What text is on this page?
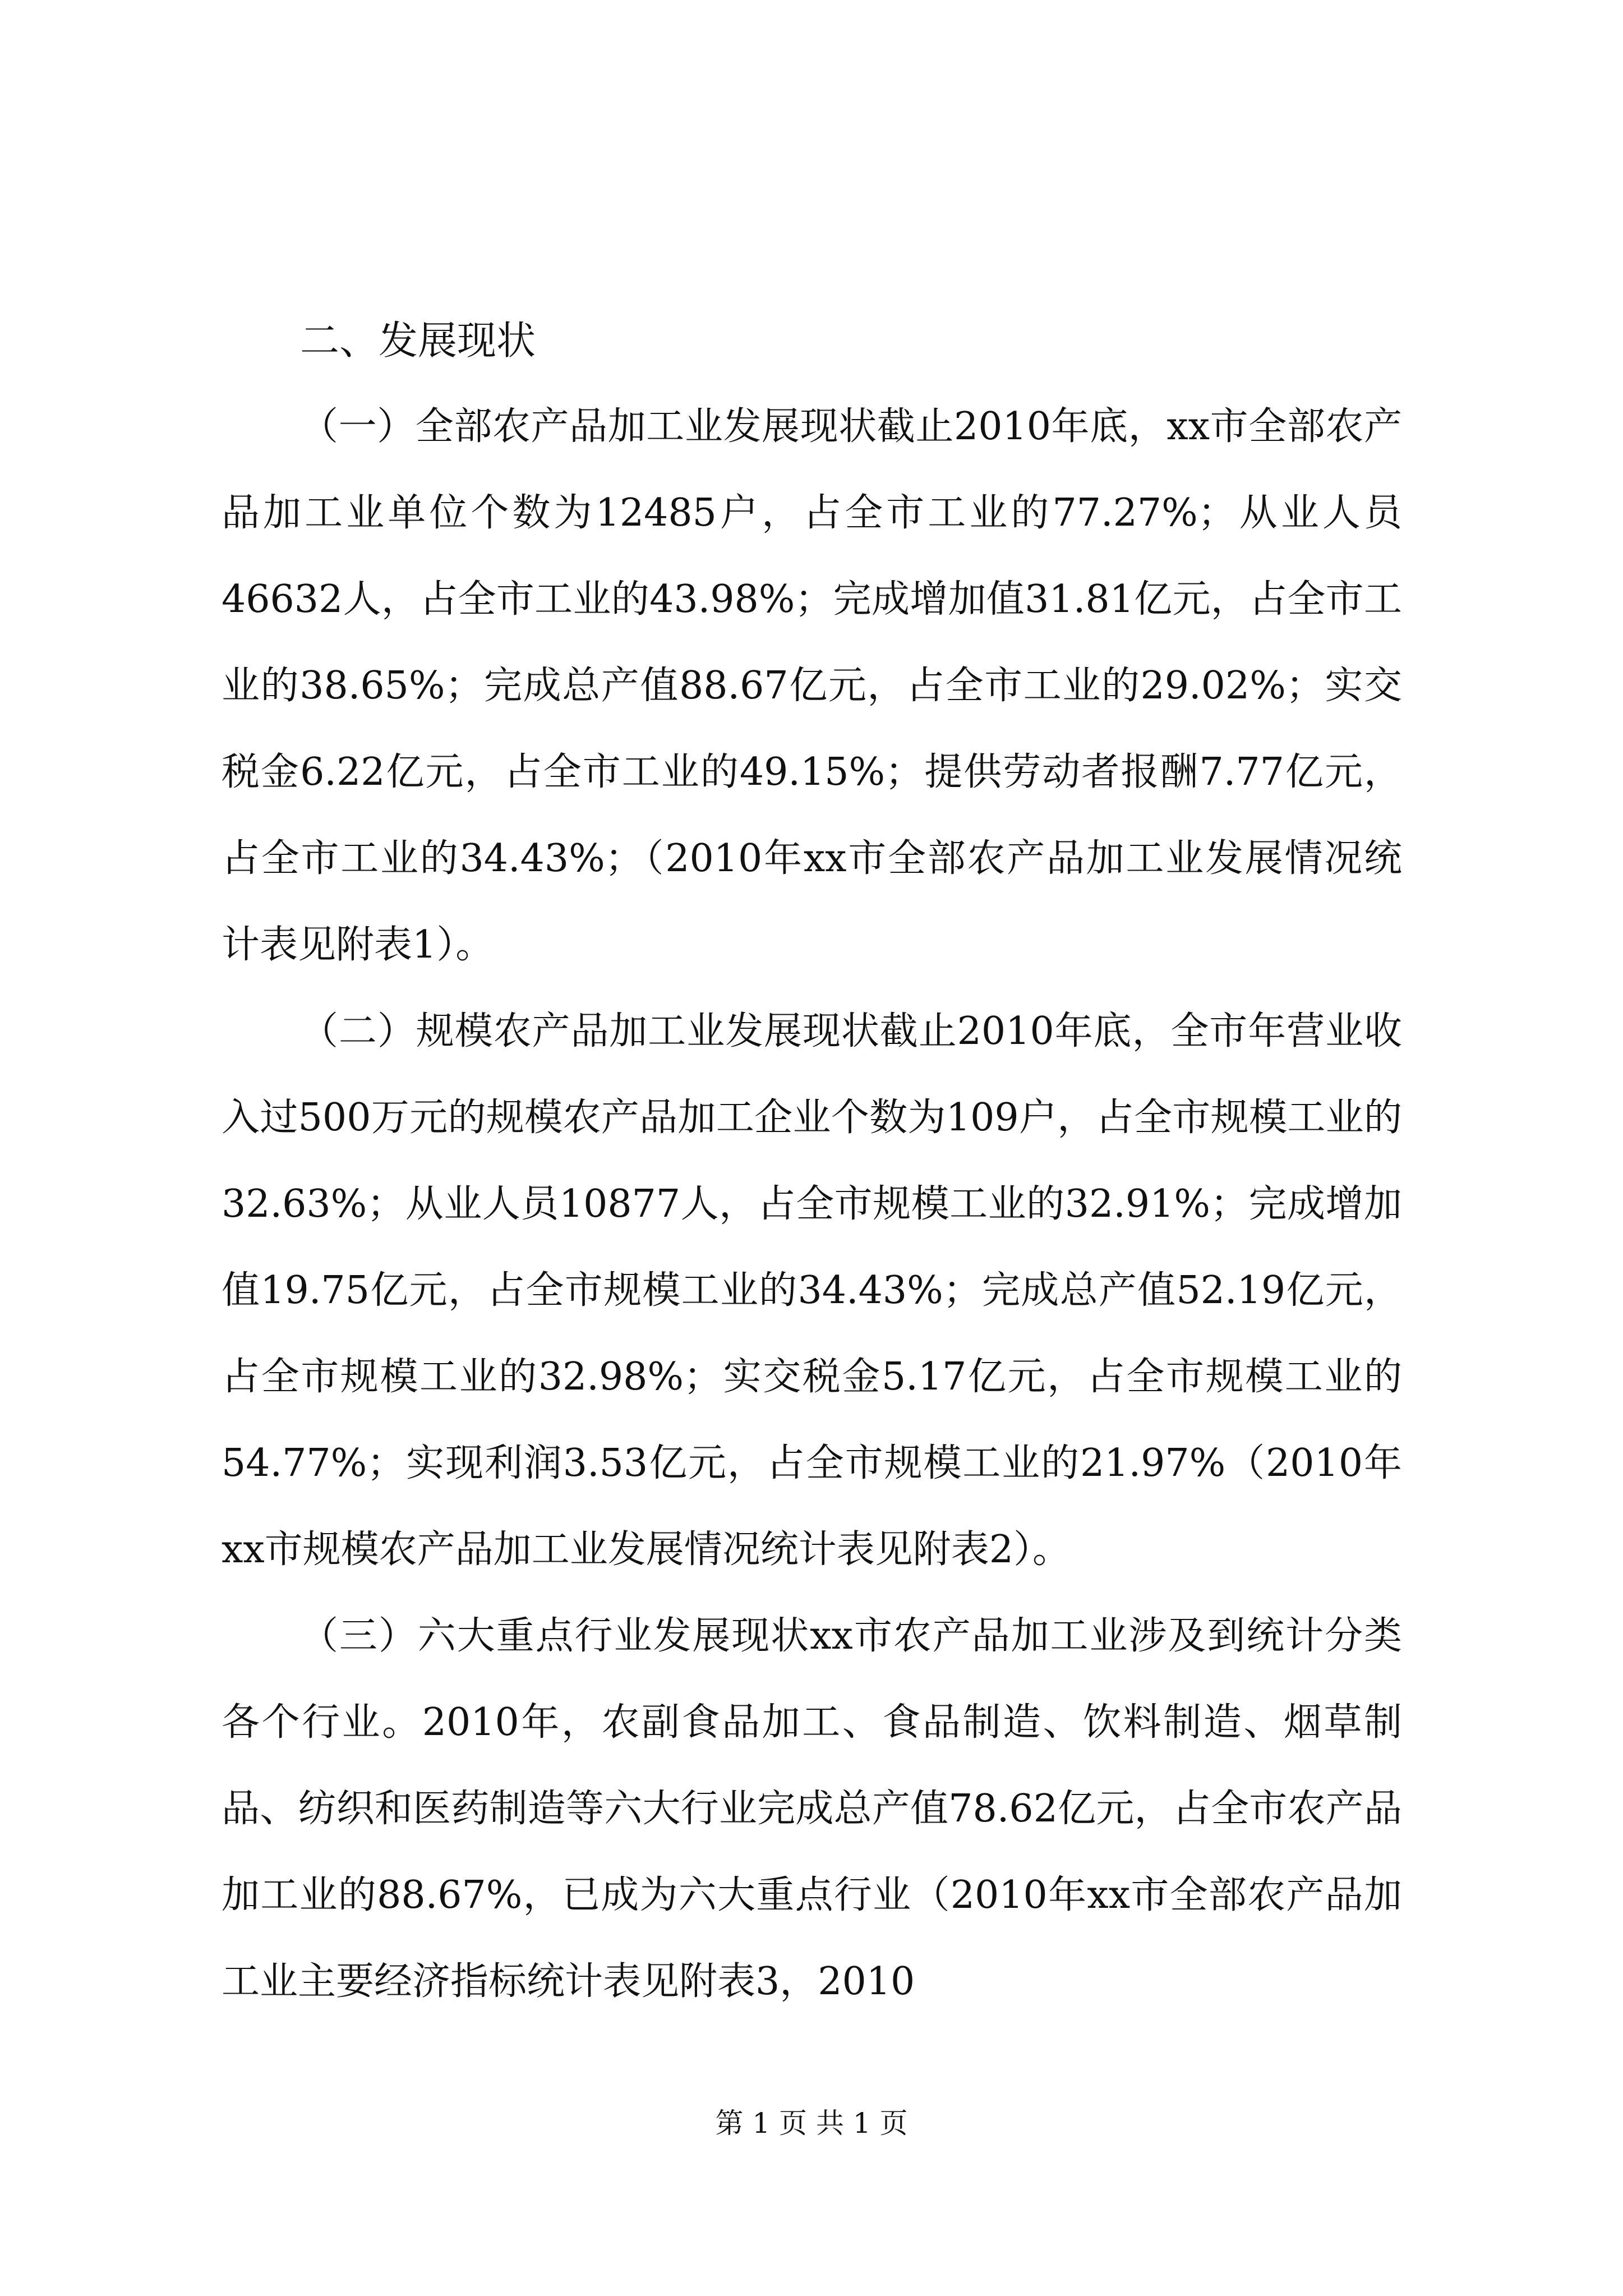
二、发展现状

（一）全部农产品加工业发展现状截止2010年底，xx市全部农产品加工业单位个数为12485户，占全市工业的77.27%；从业人员46632人，占全市工业的43.98%；完成增加值31.81亿元，占全市工业的38.65%；完成总产值88.67亿元，占全市工业的29.02%；实交税金6.22亿元，占全市工业的49.15%；提供劳动者报酬7.77亿元，占全市工业的34.43%；（2010年xx市全部农产品加工业发展情况统计表见附表1）。

（二）规模农产品加工业发展现状截止2010年底，全市年营业收入过500万元的规模农产品加工企业个数为109户，占全市规模工业的32.63%；从业人员10877人，占全市规模工业的32.91%；完成增加值19.75亿元，占全市规模工业的34.43%；完成总产值52.19亿元，占全市规模工业的32.98%；实交税金5.17亿元，占全市规模工业的54.77%；实现利润3.53亿元，占全市规模工业的21.97%（2010年xx市规模农产品加工业发展情况统计表见附表2）。

（三）六大重点行业发展现状xx市农产品加工业涉及到统计分类各个行业。2010年，农副食品加工、食品制造、饮料制造、烟草制品、纺织和医药制造等六大行业完成总产值78.62亿元，占全市农产品加工业的88.67%，已成为六大重点行业（2010年xx市全部农产品加工业主要经济指标统计表见附表3，2010

第 1 页 共 1 页
